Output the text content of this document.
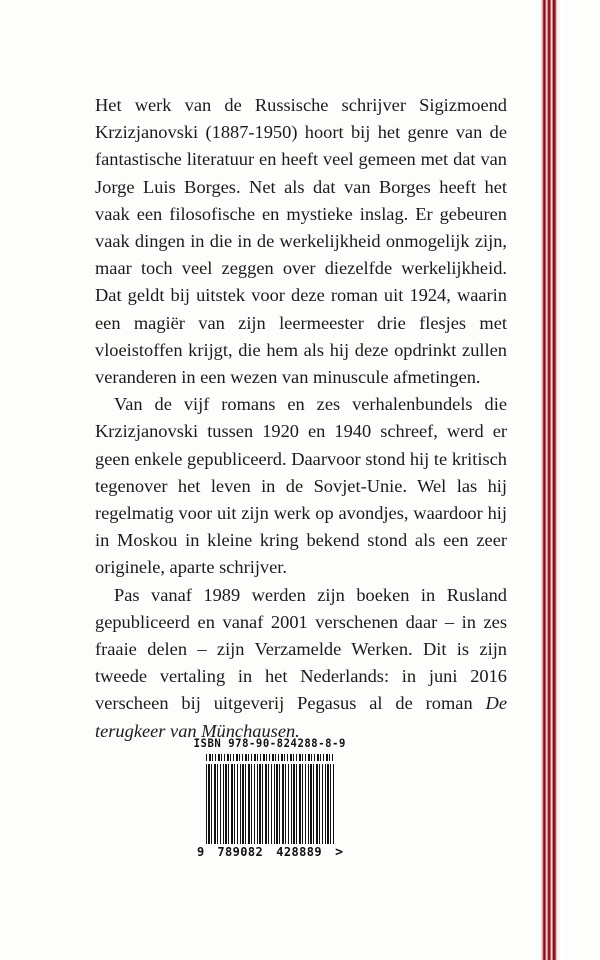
Het werk van de Russische schrijver Sigizmoend Krzizjanovski (1887-1950) hoort bij het genre van de fantastische literatuur en heeft veel gemeen met dat van Jorge Luis Borges. Net als dat van Borges heeft het vaak een filosofische en mystieke inslag. Er gebeuren vaak dingen in die in de werkelijkheid onmogelijk zijn, maar toch veel zeggen over diezelfde werkelijkheid. Dat geldt bij uitstek voor deze roman uit 1924, waarin een magiër van zijn leermeester drie flesjes met vloeistoffen krijgt, die hem als hij deze opdrinkt zullen veranderen in een wezen van minuscule afmetingen.

Van de vijf romans en zes verhalenbundels die Krzizjanovski tussen 1920 en 1940 schreef, werd er geen enkele gepubliceerd. Daarvoor stond hij te kritisch tegenover het leven in de Sovjet-Unie. Wel las hij regelmatig voor uit zijn werk op avondjes, waardoor hij in Moskou in kleine kring bekend stond als een zeer originele, aparte schrijver.

Pas vanaf 1989 werden zijn boeken in Rusland gepubliceerd en vanaf 2001 verschenen daar – in zes fraaie delen – zijn Verzamelde Werken. Dit is zijn tweede vertaling in het Nederlands: in juni 2016 verscheen bij uitgeverij Pegasus al de roman De terugkeer van Münchausen.

ISBN 978-90-824288-8-9
9 789082 428889 >
